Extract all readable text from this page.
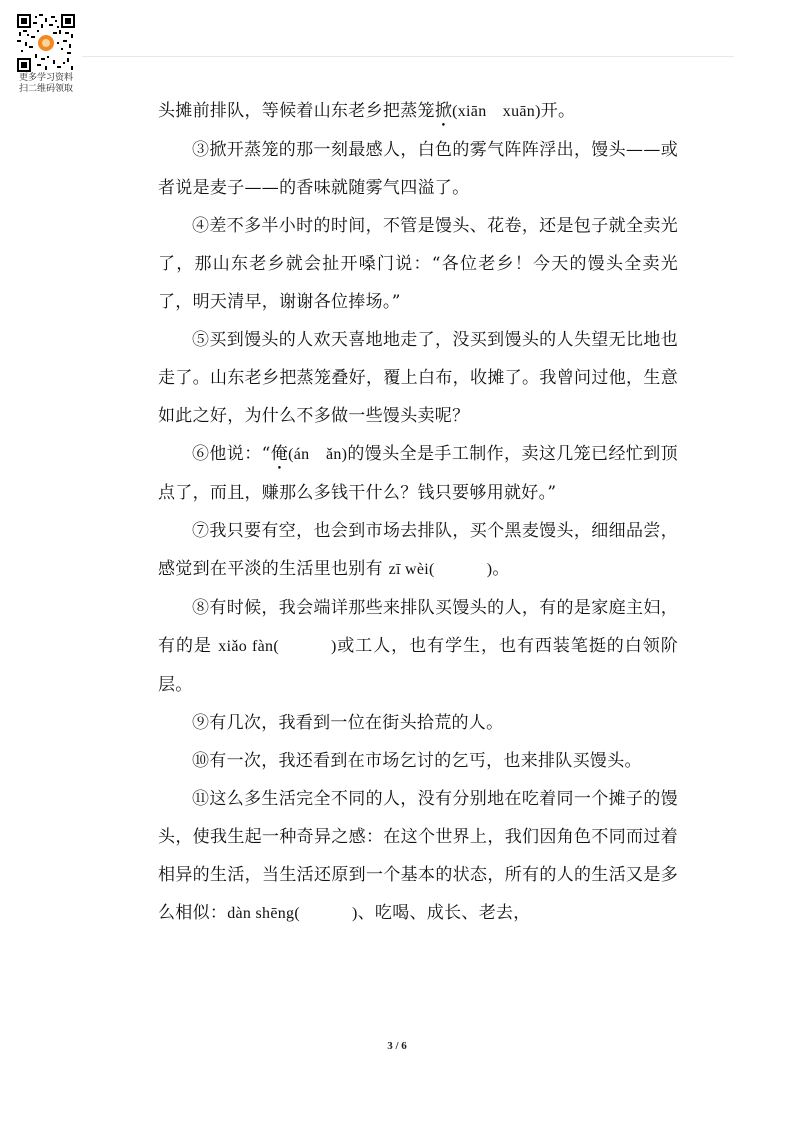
更多学习资料
扫二维码领取

头摊前排队，等候着山东老乡把蒸笼掀(xiān　xuān)开。

③掀开蒸笼的那一刻最感人，白色的雾气阵阵浮出，馒头——或者说是麦子——的香味就随雾气四溢了。

④差不多半小时的时间，不管是馒头、花卷，还是包子就全卖光了，那山东老乡就会扯开嗓门说：“各位老乡！今天的馒头全卖光了，明天清早，谢谢各位捧场。”

⑤买到馒头的人欢天喜地地走了，没买到馒头的人失望无比地也走了。山东老乡把蒸笼叠好，覆上白布，收摊了。我曾问过他，生意如此之好，为什么不多做一些馒头卖呢？

⑥他说：“俺(án　ǎn)的馒头全是手工制作，卖这几笼已经忙到顶点了，而且，赚那么多钱干什么？钱只要够用就好。”

⑦我只要有空，也会到市场去排队，买个黑麦馒头，细细品尝，感觉到在平淡的生活里也别有 zī wèi(	)。

⑧有时候，我会端详那些来排队买馒头的人，有的是家庭主妇，有的是 xiǎo fàn(	)或工人，也有学生，也有西装笔挺的白领阶层。

⑨有几次，我看到一位在街头拾荒的人。

⑩有一次，我还看到在市场乞讨的乞丐，也来排队买馒头。

⑪这么多生活完全不同的人，没有分别地在吃着同一个摊子的馒头，使我生起一种奇异之感：在这个世界上，我们因角色不同而过着相异的生活，当生活还原到一个基本的状态，所有的人的生活又是多么相似：dàn shēng(	)、吃喝、成长、老去，

3 / 6
